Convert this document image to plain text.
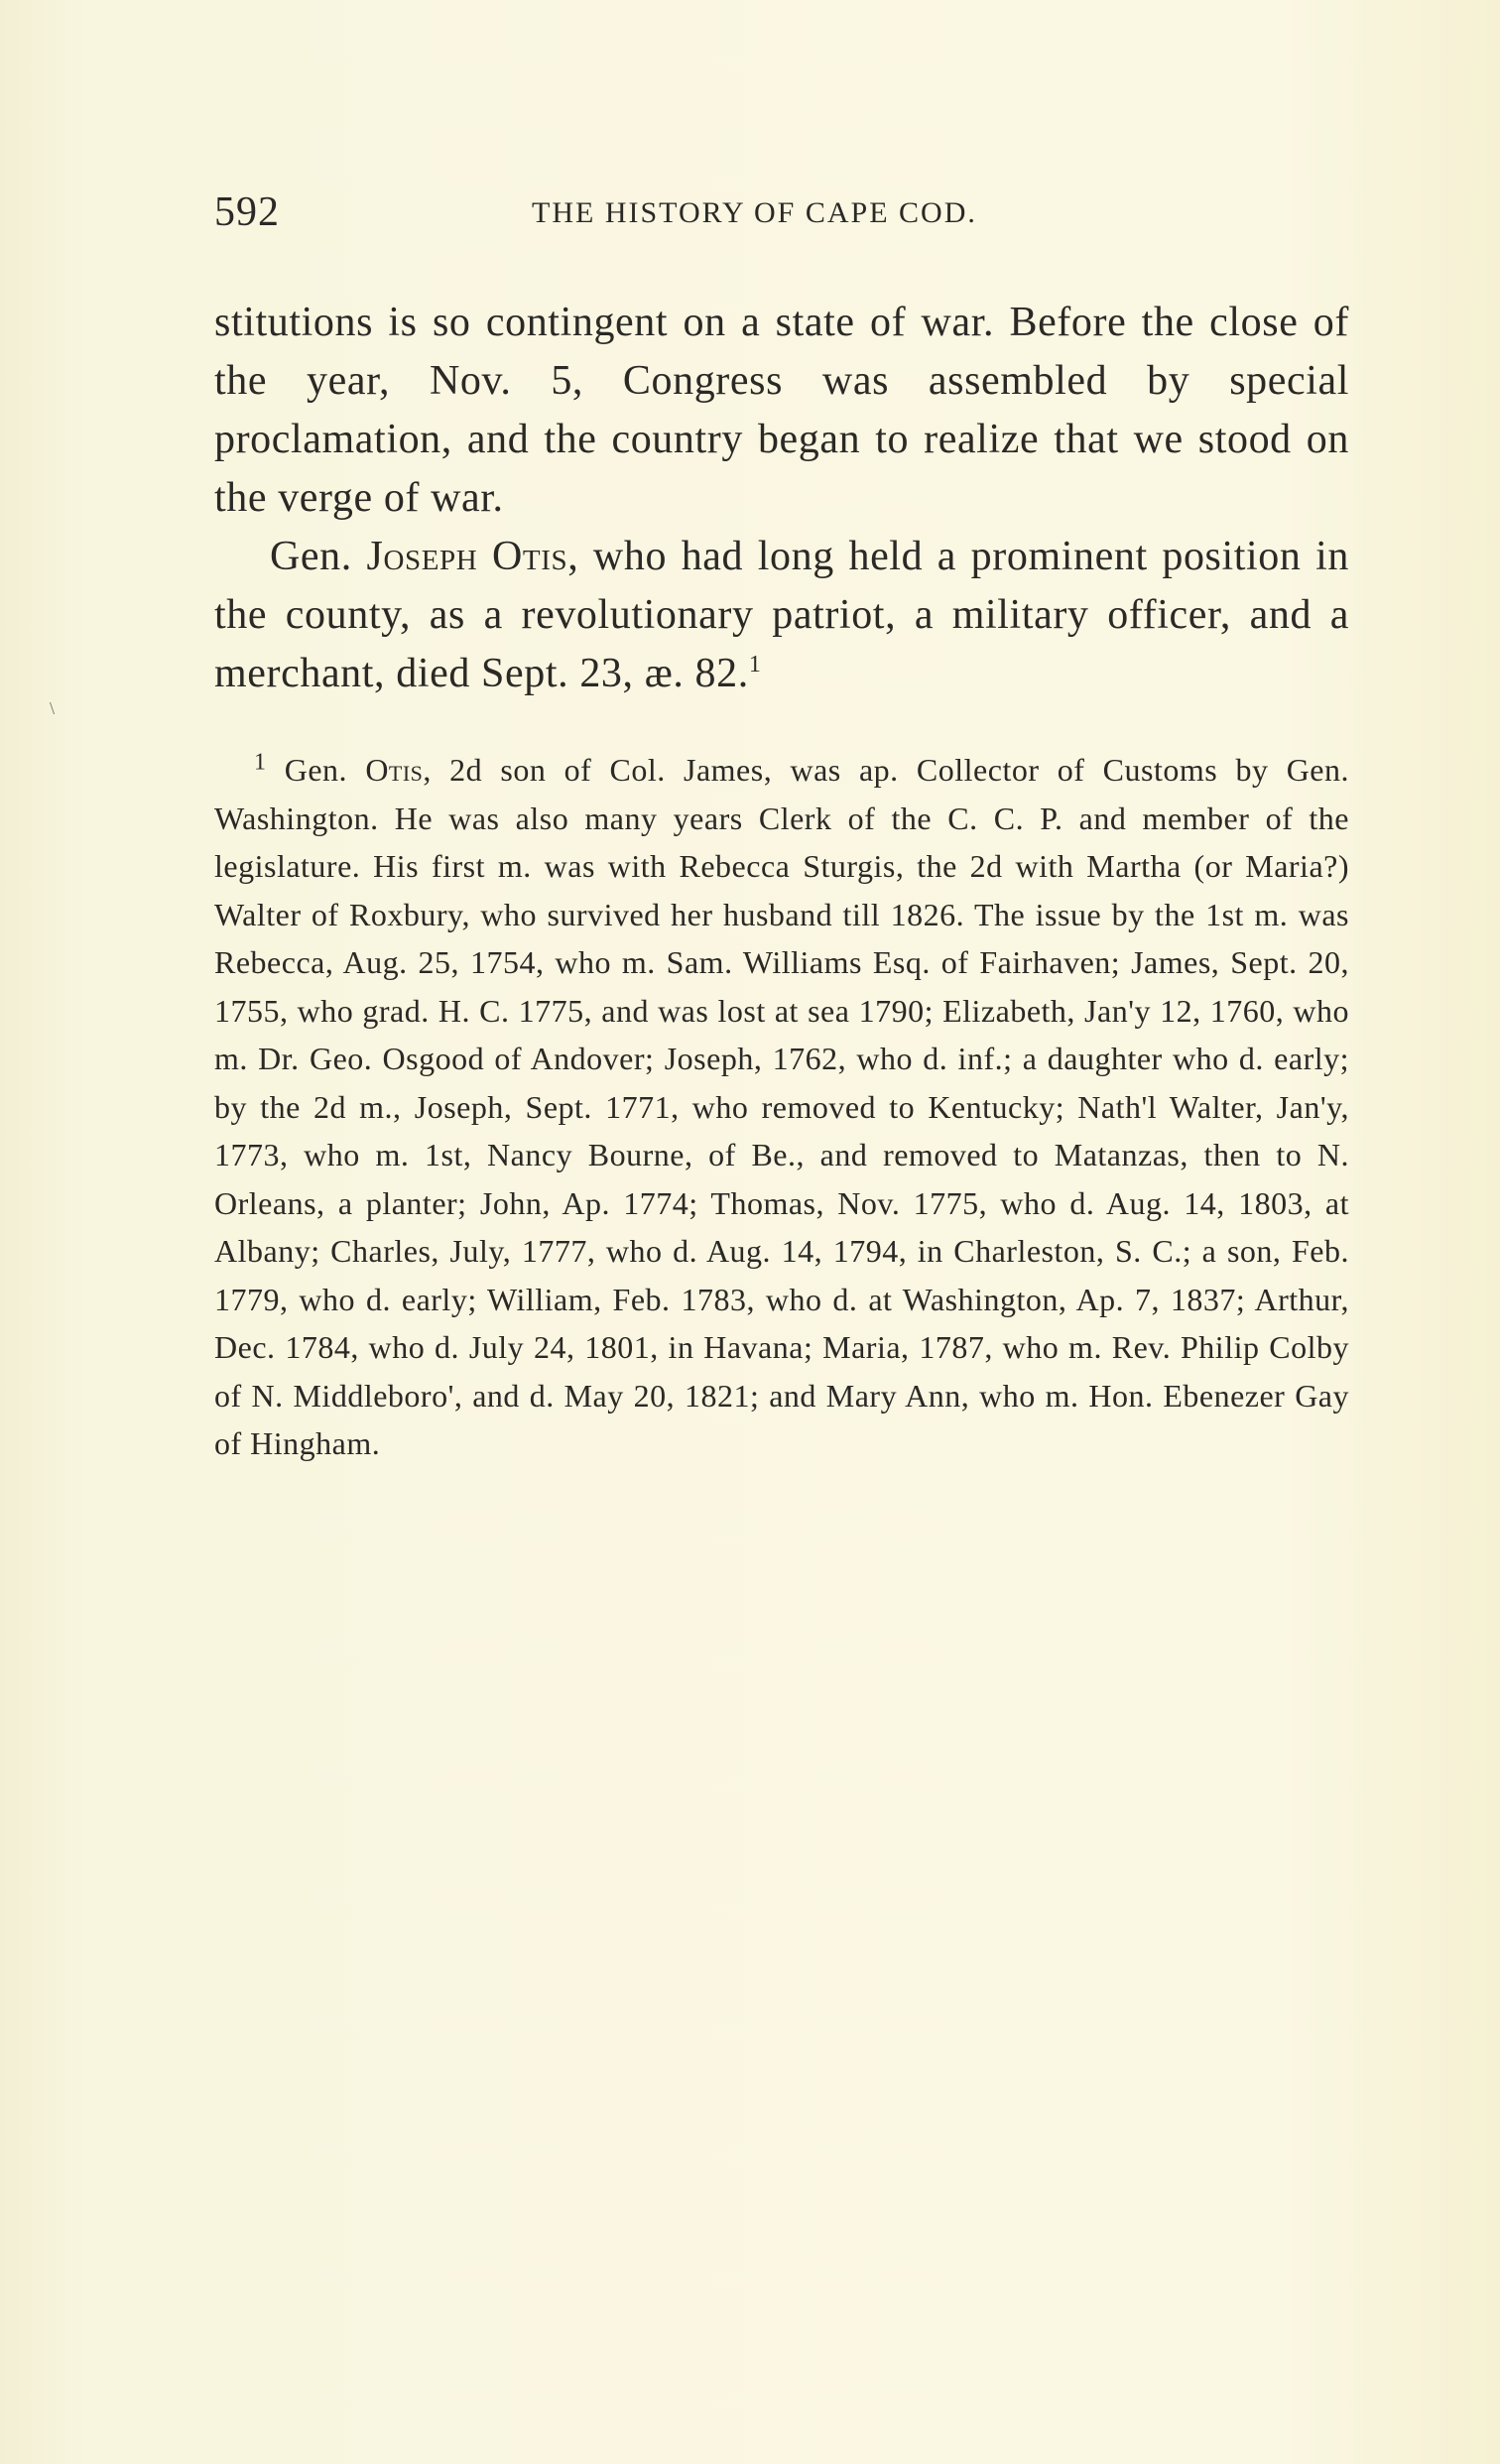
592	THE HISTORY OF CAPE COD.

stitutions is so contingent on a state of war. Before the close of the year, Nov. 5, Congress was assembled by special proclamation, and the country began to realize that we stood on the verge of war.

Gen. Joseph Otis, who had long held a prominent position in the county, as a revolutionary patriot, a military officer, and a merchant, died Sept. 23, æ. 82.$^1$

\

$^1$ Gen. Otis, 2d son of Col. James, was ap. Collector of Customs by Gen. Washington. He was also many years Clerk of the C. C. P. and member of the legislature. His first m. was with Rebecca Sturgis, the 2d with Martha (or Maria?) Walter of Roxbury, who survived her husband till 1826. The issue by the 1st m. was Rebecca, Aug. 25, 1754, who m. Sam. Williams Esq. of Fairhaven; James, Sept. 20, 1755, who grad. H. C. 1775, and was lost at sea 1790; Elizabeth, Jan'y 12, 1760, who m. Dr. Geo. Osgood of Andover; Joseph, 1762, who d. inf.; a daughter who d. early; by the 2d m., Joseph, Sept. 1771, who removed to Kentucky; Nath'l Walter, Jan'y, 1773, who m. 1st, Nancy Bourne, of Be., and removed to Matanzas, then to N. Orleans, a planter; John, Ap. 1774; Thomas, Nov. 1775, who d. Aug. 14, 1803, at Albany; Charles, July, 1777, who d. Aug. 14, 1794, in Charleston, S. C.; a son, Feb. 1779, who d. early; William, Feb. 1783, who d. at Washington, Ap. 7, 1837; Arthur, Dec. 1784, who d. July 24, 1801, in Havana; Maria, 1787, who m. Rev. Philip Colby of N. Middleboro', and d. May 20, 1821; and Mary Ann, who m. Hon. Ebenezer Gay of Hingham.
